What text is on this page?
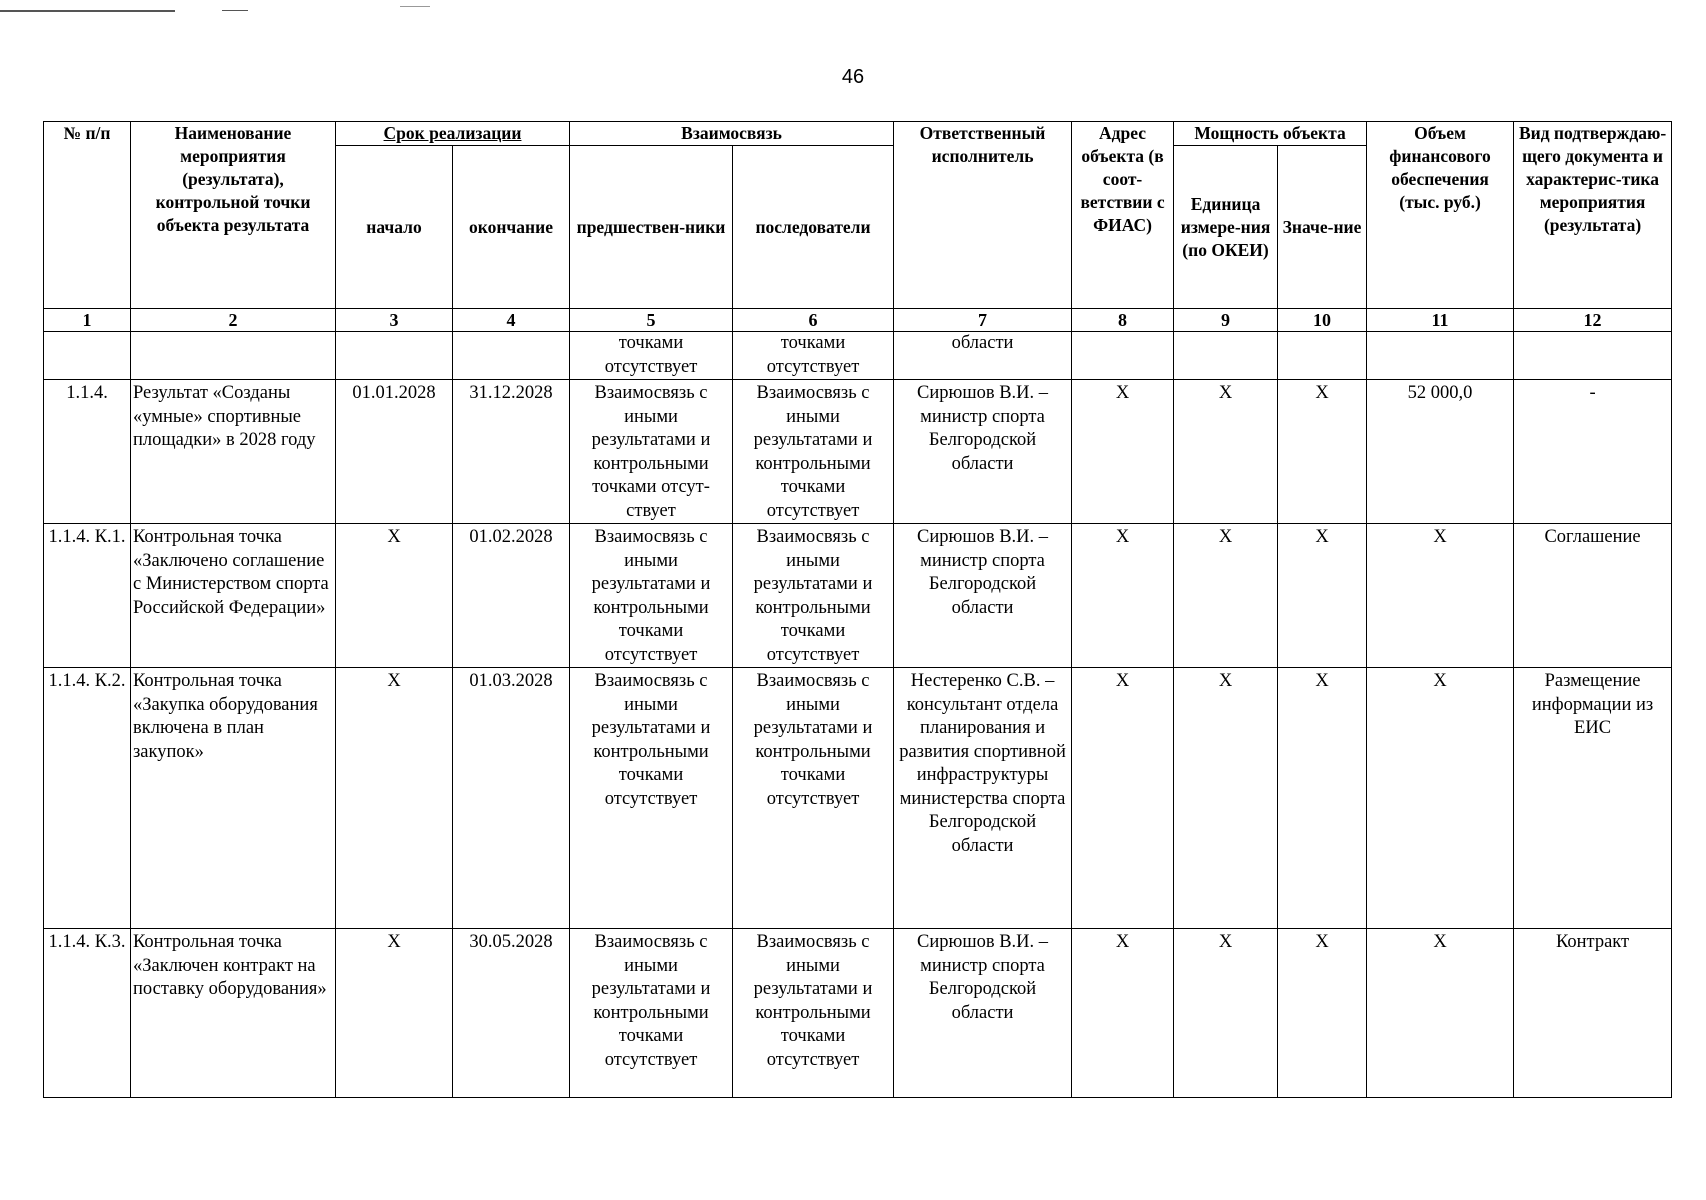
46
№ п/п	Наименование мероприятия (результата), контрольной точки объекта результата	Срок реализации		Взаимосвязь		Ответственный исполнитель	Адрес объекта (в соот-ветствии с ФИАС)	Мощность объекта		Объем финансового обеспечения (тыс. руб.)	Вид подтверждаю-щего документа и характерис-тика мероприятия (результата)
		начало	окончание	предшествен-ники	последователи			Единица измере-ния (по ОКЕИ)	Значе-ние		
1	2	3	4	5	6	7	8	9	10	11	12
				точками отсутствует	точками отсутствует	области					
1.1.4.	Результат «Созданы «умные» спортивные площадки» в 2028 году	01.01.2028	31.12.2028	Взаимосвязь с иными результатами и контрольными точками отсут-ствует	Взаимосвязь с иными результатами и контрольными точками отсутствует	Сирюшов В.И. – министр спорта Белгородской области	X	X	X	52 000,0	-
1.1.4. К.1.	Контрольная точка «Заключено соглашение с Министерством спорта Российской Федерации»	X	01.02.2028	Взаимосвязь с иными результатами и контрольными точками отсутствует	Взаимосвязь с иными результатами и контрольными точками отсутствует	Сирюшов В.И. – министр спорта Белгородской области	X	X	X	X	Соглашение
1.1.4. К.2.	Контрольная точка «Закупка оборудования включена в план закупок»	X	01.03.2028	Взаимосвязь с иными результатами и контрольными точками отсутствует	Взаимосвязь с иными результатами и контрольными точками отсутствует	Нестеренко С.В. – консультант отдела планирования и развития спортивной инфраструктуры министерства спорта Белгородской области	X	X	X	X	Размещение информации из ЕИС
1.1.4. К.3.	Контрольная точка «Заключен контракт на поставку оборудования»	X	30.05.2028	Взаимосвязь с иными результатами и контрольными точками отсутствует	Взаимосвязь с иными результатами и контрольными точками отсутствует	Сирюшов В.И. – министр спорта Белгородской области	X	X	X	X	Контракт
